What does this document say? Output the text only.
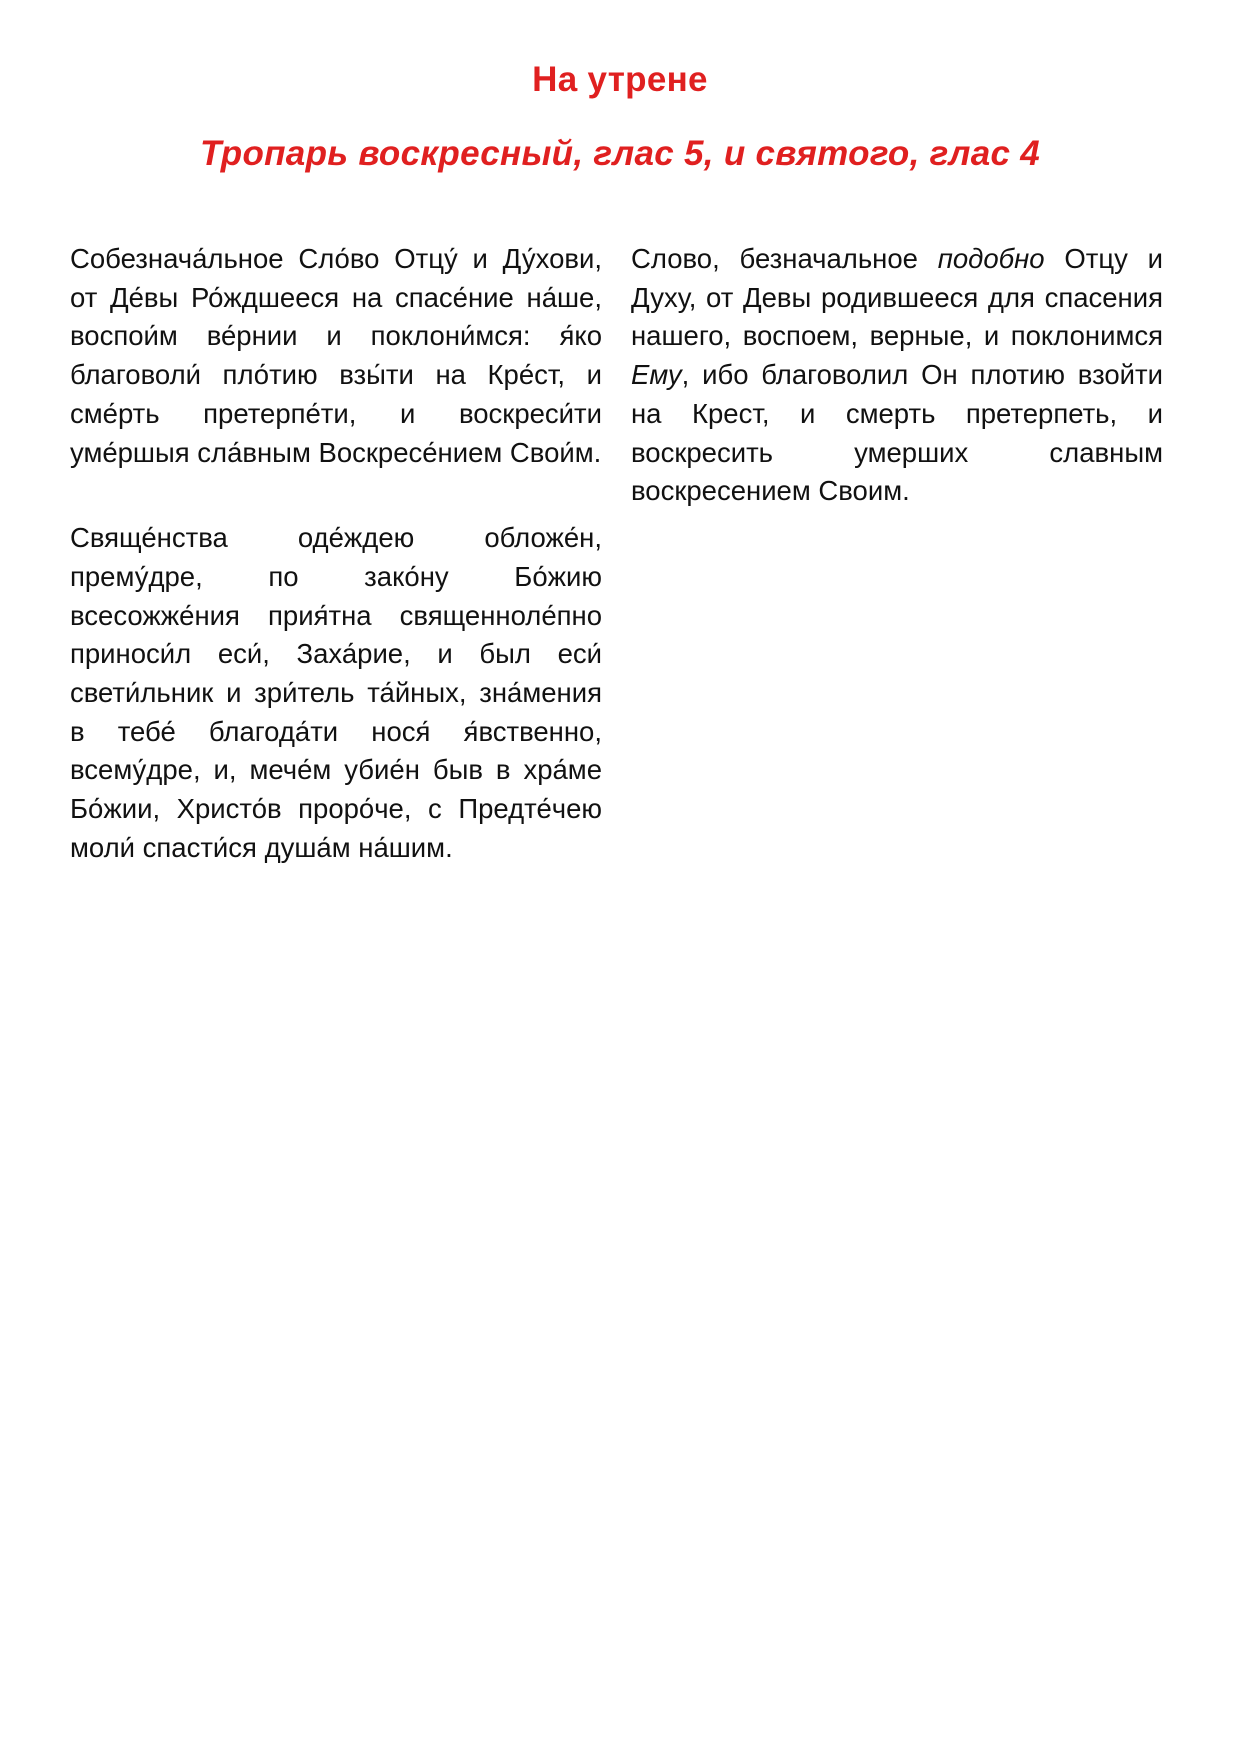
На утрене
Тропарь воскресный, глас 5, и святого, глас 4

Собезнача́льное Сло́во Отцу́ и Ду́хови, от Де́вы Ро́ждшееся на спасе́ние на́ше, воспои́м ве́рнии и поклони́мся: я́ко благоволи́ пло́тию взы́ти на Кре́ст, и сме́рть претерпе́ти, и воскреси́ти уме́ршыя сла́вным Воскресе́нием Свои́м.

Свяще́нства оде́ждею обложе́н, прему́дре, по зако́ну Бо́жию всесожже́ния прия́тна священноле́пно приноси́л еси́, Заха́рие, и был еси́ свети́льник и зри́тель та́йных, зна́мения в тебе́ благода́ти нося́ я́вственно, всему́дре, и, мече́м убие́н быв в хра́ме Бо́жии, Христо́в проро́че, с Предте́чею моли́ спасти́ся душа́м на́шим.

Слово, безначальное подобно Отцу и Духу, от Девы родившееся для спасения нашего, воспоем, верные, и поклонимся Ему, ибо благоволил Он плотию взойти на Крест, и смерть претерпеть, и воскресить умерших славным воскресением Своим.
